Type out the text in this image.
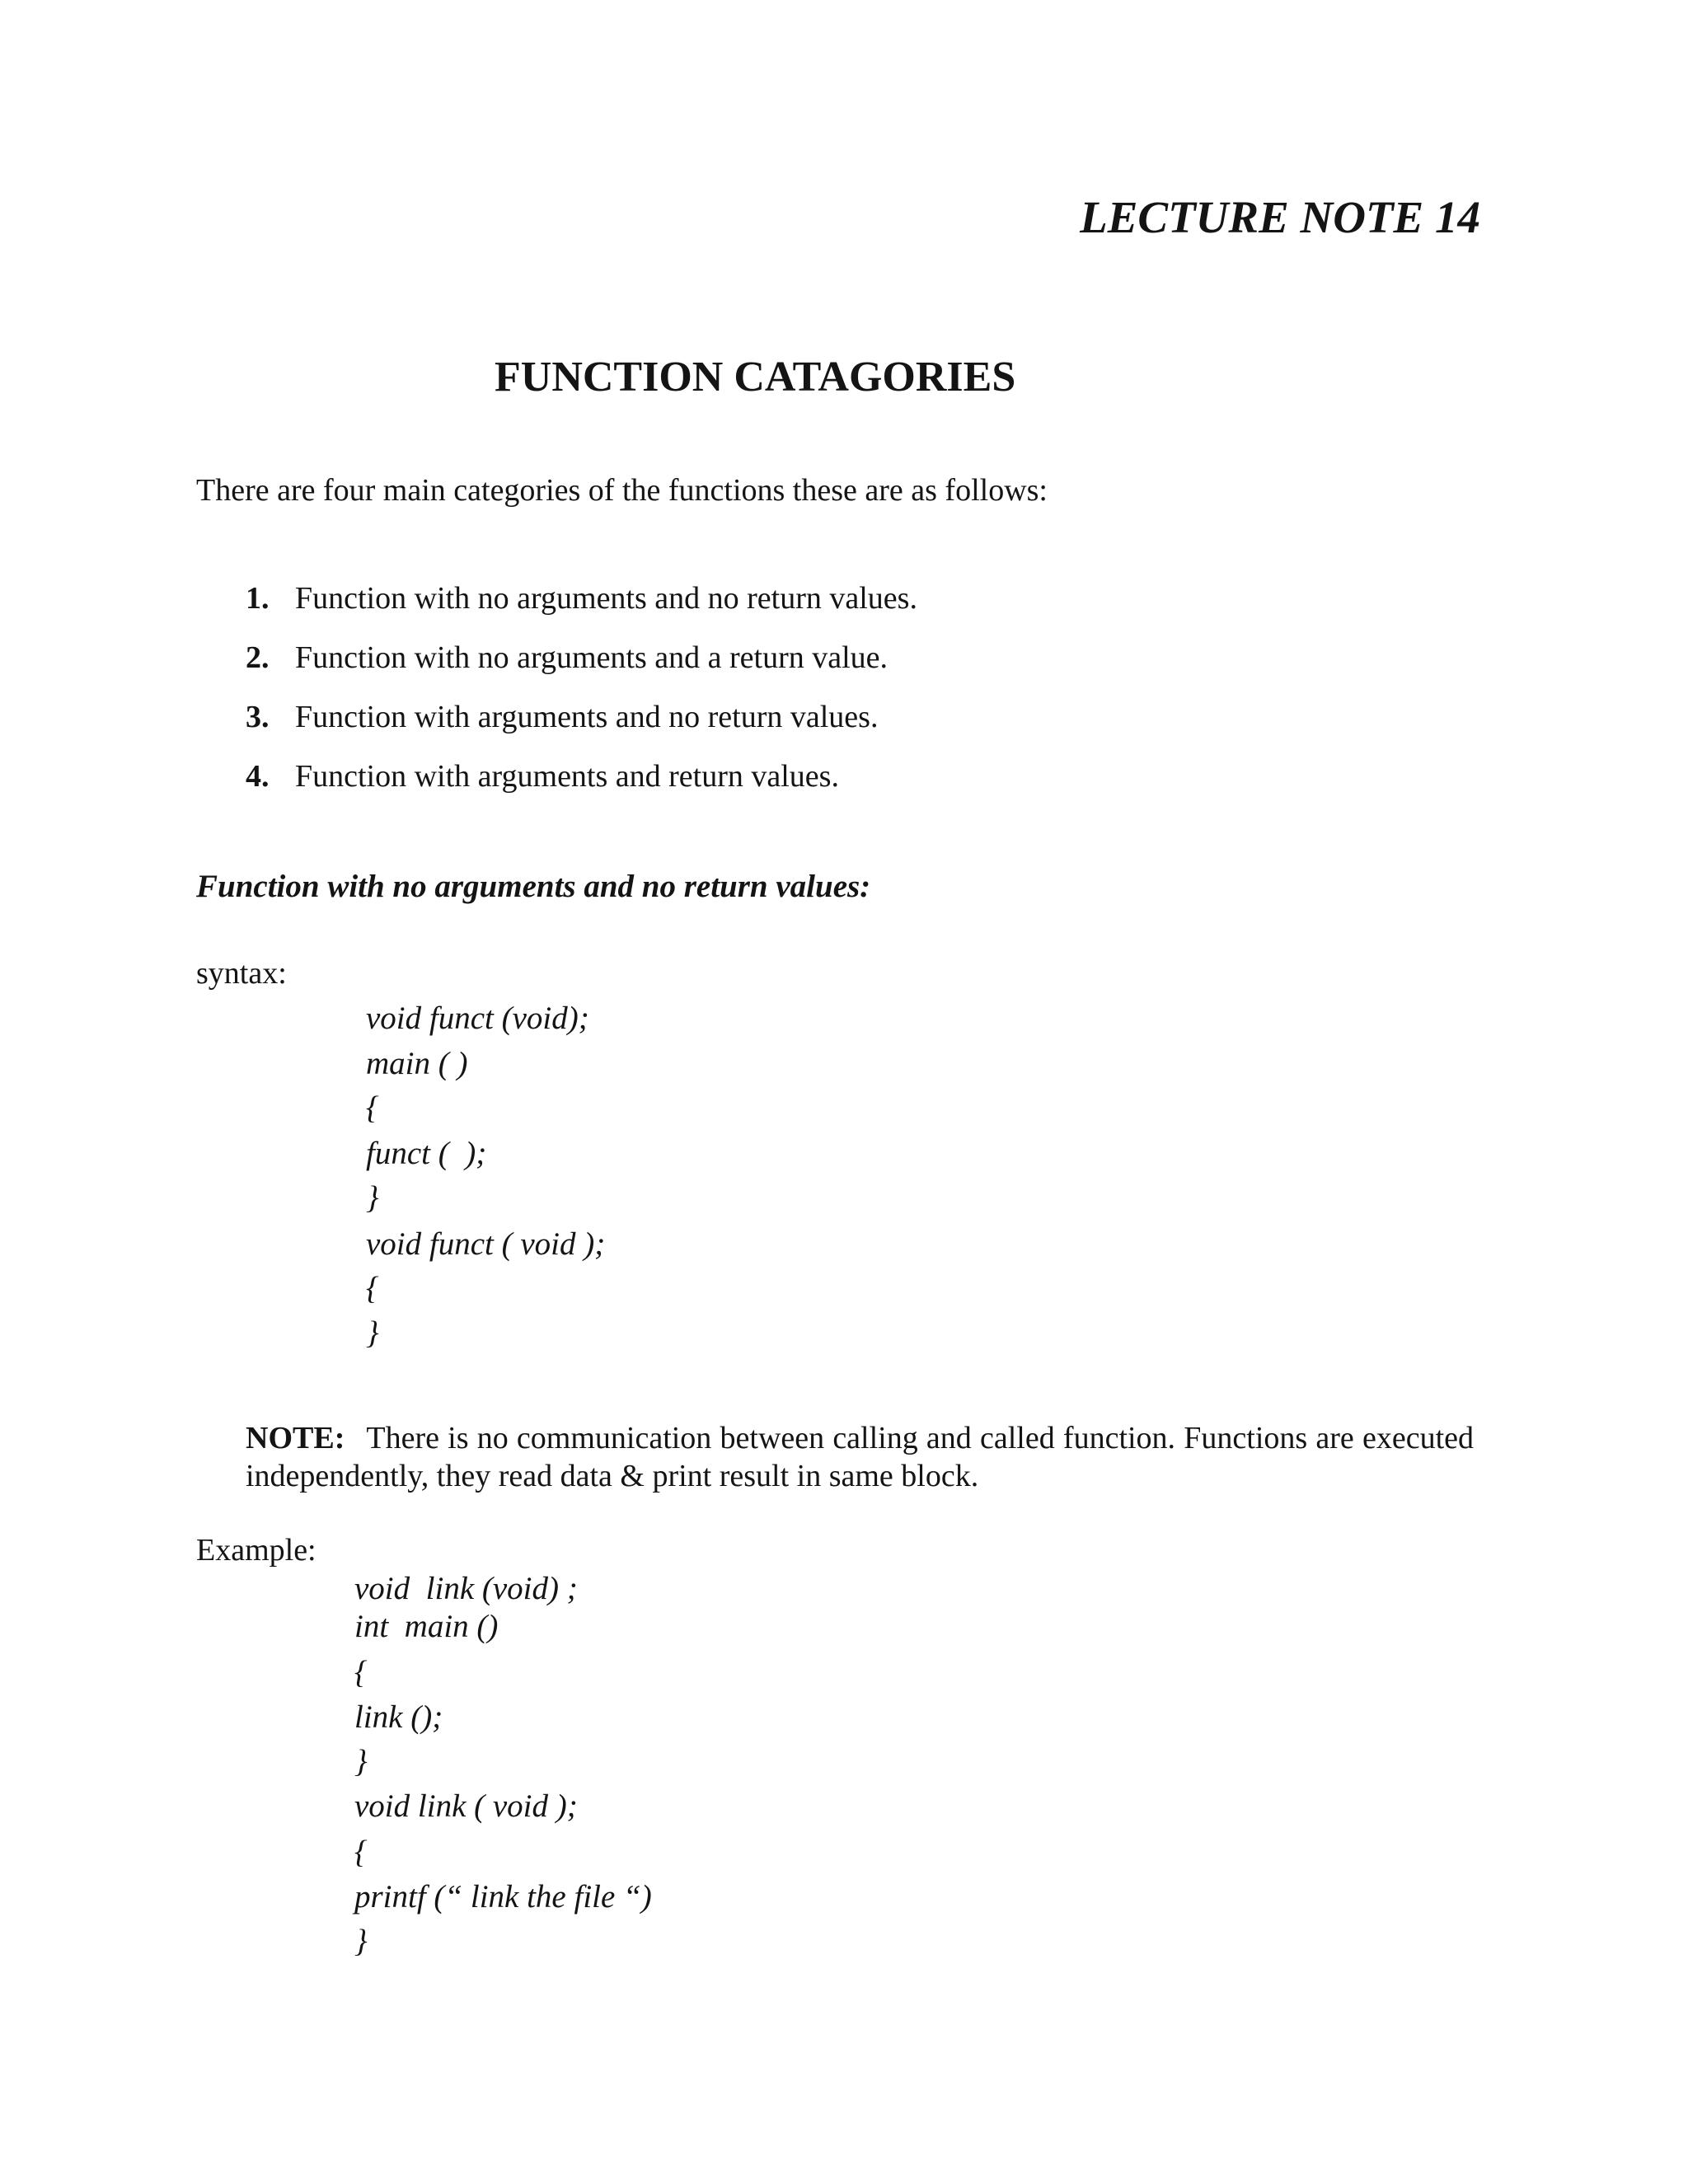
LECTURE NOTE 14
FUNCTION CATAGORIES

There are four main categories of the functions these are as follows:

1. Function with no arguments and no return values.
2. Function with no arguments and a return value.
3. Function with arguments and no return values.
4. Function with arguments and return values.
Function with no arguments and no return values:
syntax:
void funct (void);
main ( )
{
funct (  );
}
void funct ( void );
{
}

NOTE: There is no communication between calling and called function. Functions are executed independently, they read data & print result in same block.

Example:
void  link (void) ;
int  main ()
{
link ();
}
void link ( void );
{
printf (“ link the file “)
}
